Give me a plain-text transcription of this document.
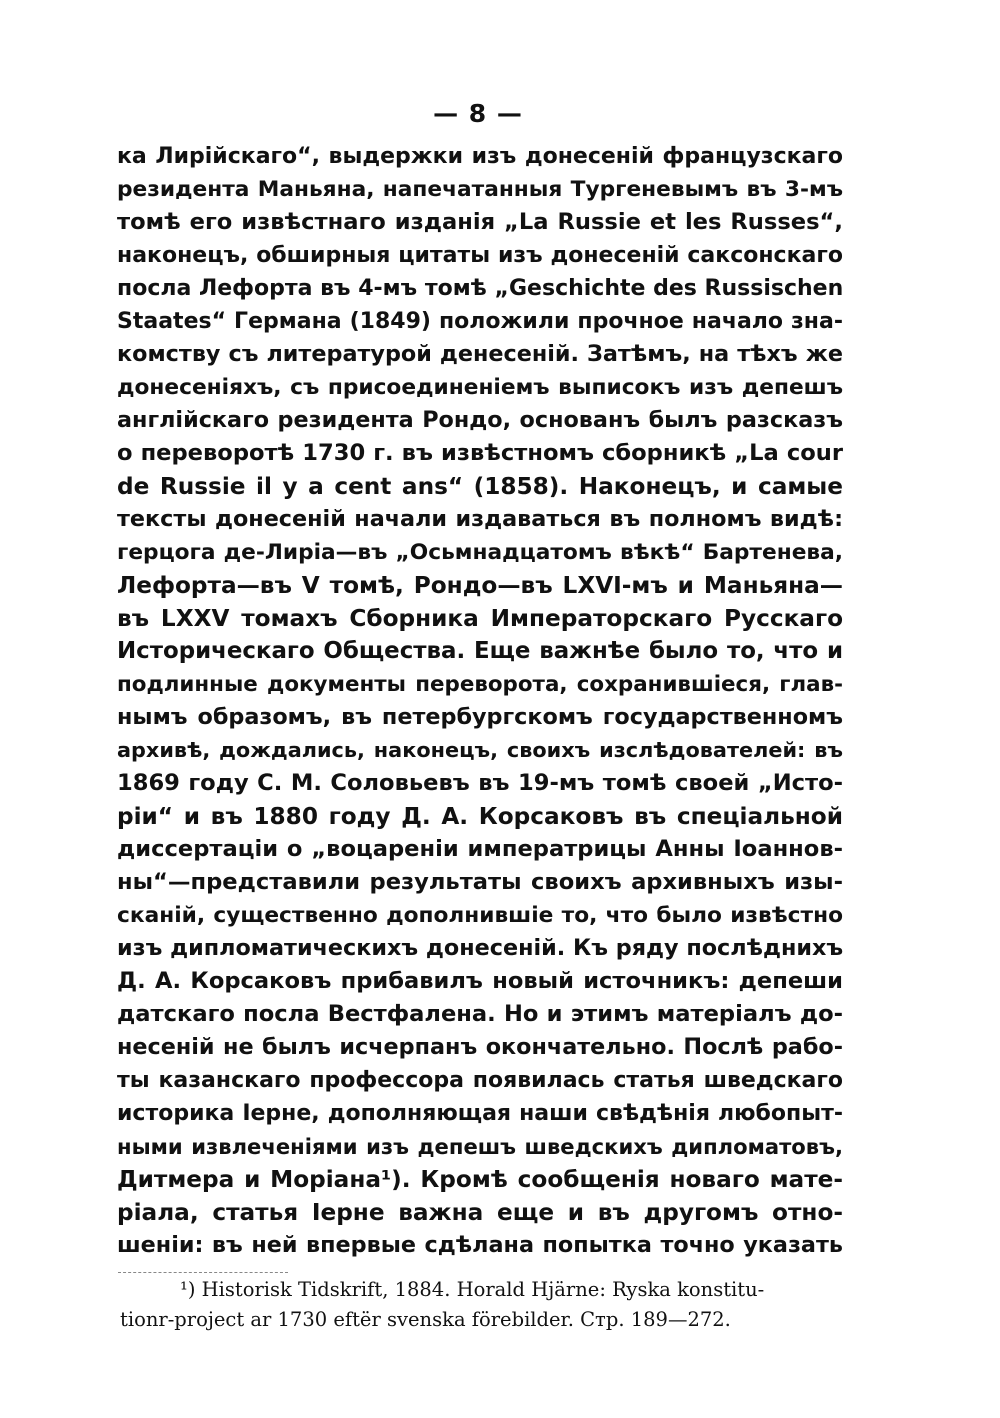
— 8 —
ка Лирійскаго“, выдержки изъ донесеній французскаго
резидента Маньяна, напечатанныя Тургеневымъ въ 3-мъ
томѣ его извѣстнаго изданія „La Russie et les Russes“,
наконецъ, обширныя цитаты изъ донесеній саксонскаго
посла Лефорта въ 4-мъ томѣ „Geschichte des Russischen
Staates“ Германа (1849) положили прочное начало зна-
комству съ литературой денесеній. Затѣмъ, на тѣхъ же
донесеніяхъ, съ присоединеніемъ выписокъ изъ депешъ
англійскаго резидента Рондо, основанъ былъ разсказъ
о переворотѣ 1730 г. въ извѣстномъ сборникѣ „La cour
de Russie il y a cent ans“ (1858). Наконецъ, и самые
тексты донесеній начали издаваться въ полномъ видѣ:
герцога де-Лиріа—въ „Осьмнадцатомъ вѣкѣ“ Бартенева,
Лефорта—въ V томѣ, Рондо—въ LXVI-мъ и Маньяна—
въ LXXV томахъ Сборника Императорскаго Русскаго
Историческаго Общества. Еще важнѣе было то, что и
подлинные документы переворота, сохранившіеся, глав-
нымъ образомъ, въ петербургскомъ государственномъ
архивѣ, дождались, наконецъ, своихъ изслѣдователей: въ
1869 году С. М. Соловьевъ въ 19-мъ томѣ своей „Исто-
ріи“ и въ 1880 году Д. А. Корсаковъ въ спеціальной
диссертаціи о „воцареніи императрицы Анны Іоаннов-
ны“—представили результаты своихъ архивныхъ изы-
сканій, существенно дополнившіе то, что было извѣстно
изъ дипломатическихъ донесеній. Къ ряду послѣднихъ
Д. А. Корсаковъ прибавилъ новый источникъ: депеши
датскаго посла Вестфалена. Но и этимъ матеріалъ до-
несеній не былъ исчерпанъ окончательно. Послѣ рабо-
ты казанскаго профессора появилась статья шведскаго
историка Іерне, дополняющая наши свѣдѣнія любопыт-
ными извлеченіями изъ депешъ шведскихъ дипломатовъ,
Дитмера и Моріана¹). Кромѣ сообщенія новаго мате-
ріала, статья Іерне важна еще и въ другомъ отно-
шеніи: въ ней впервые сдѣлана попытка точно указать
¹) Historisk Tidskrift, 1884. Horald Hjärne: Ryska konstitu-
tionr-project ar 1730 eftër svenska förebilder. Стр. 189—272.
